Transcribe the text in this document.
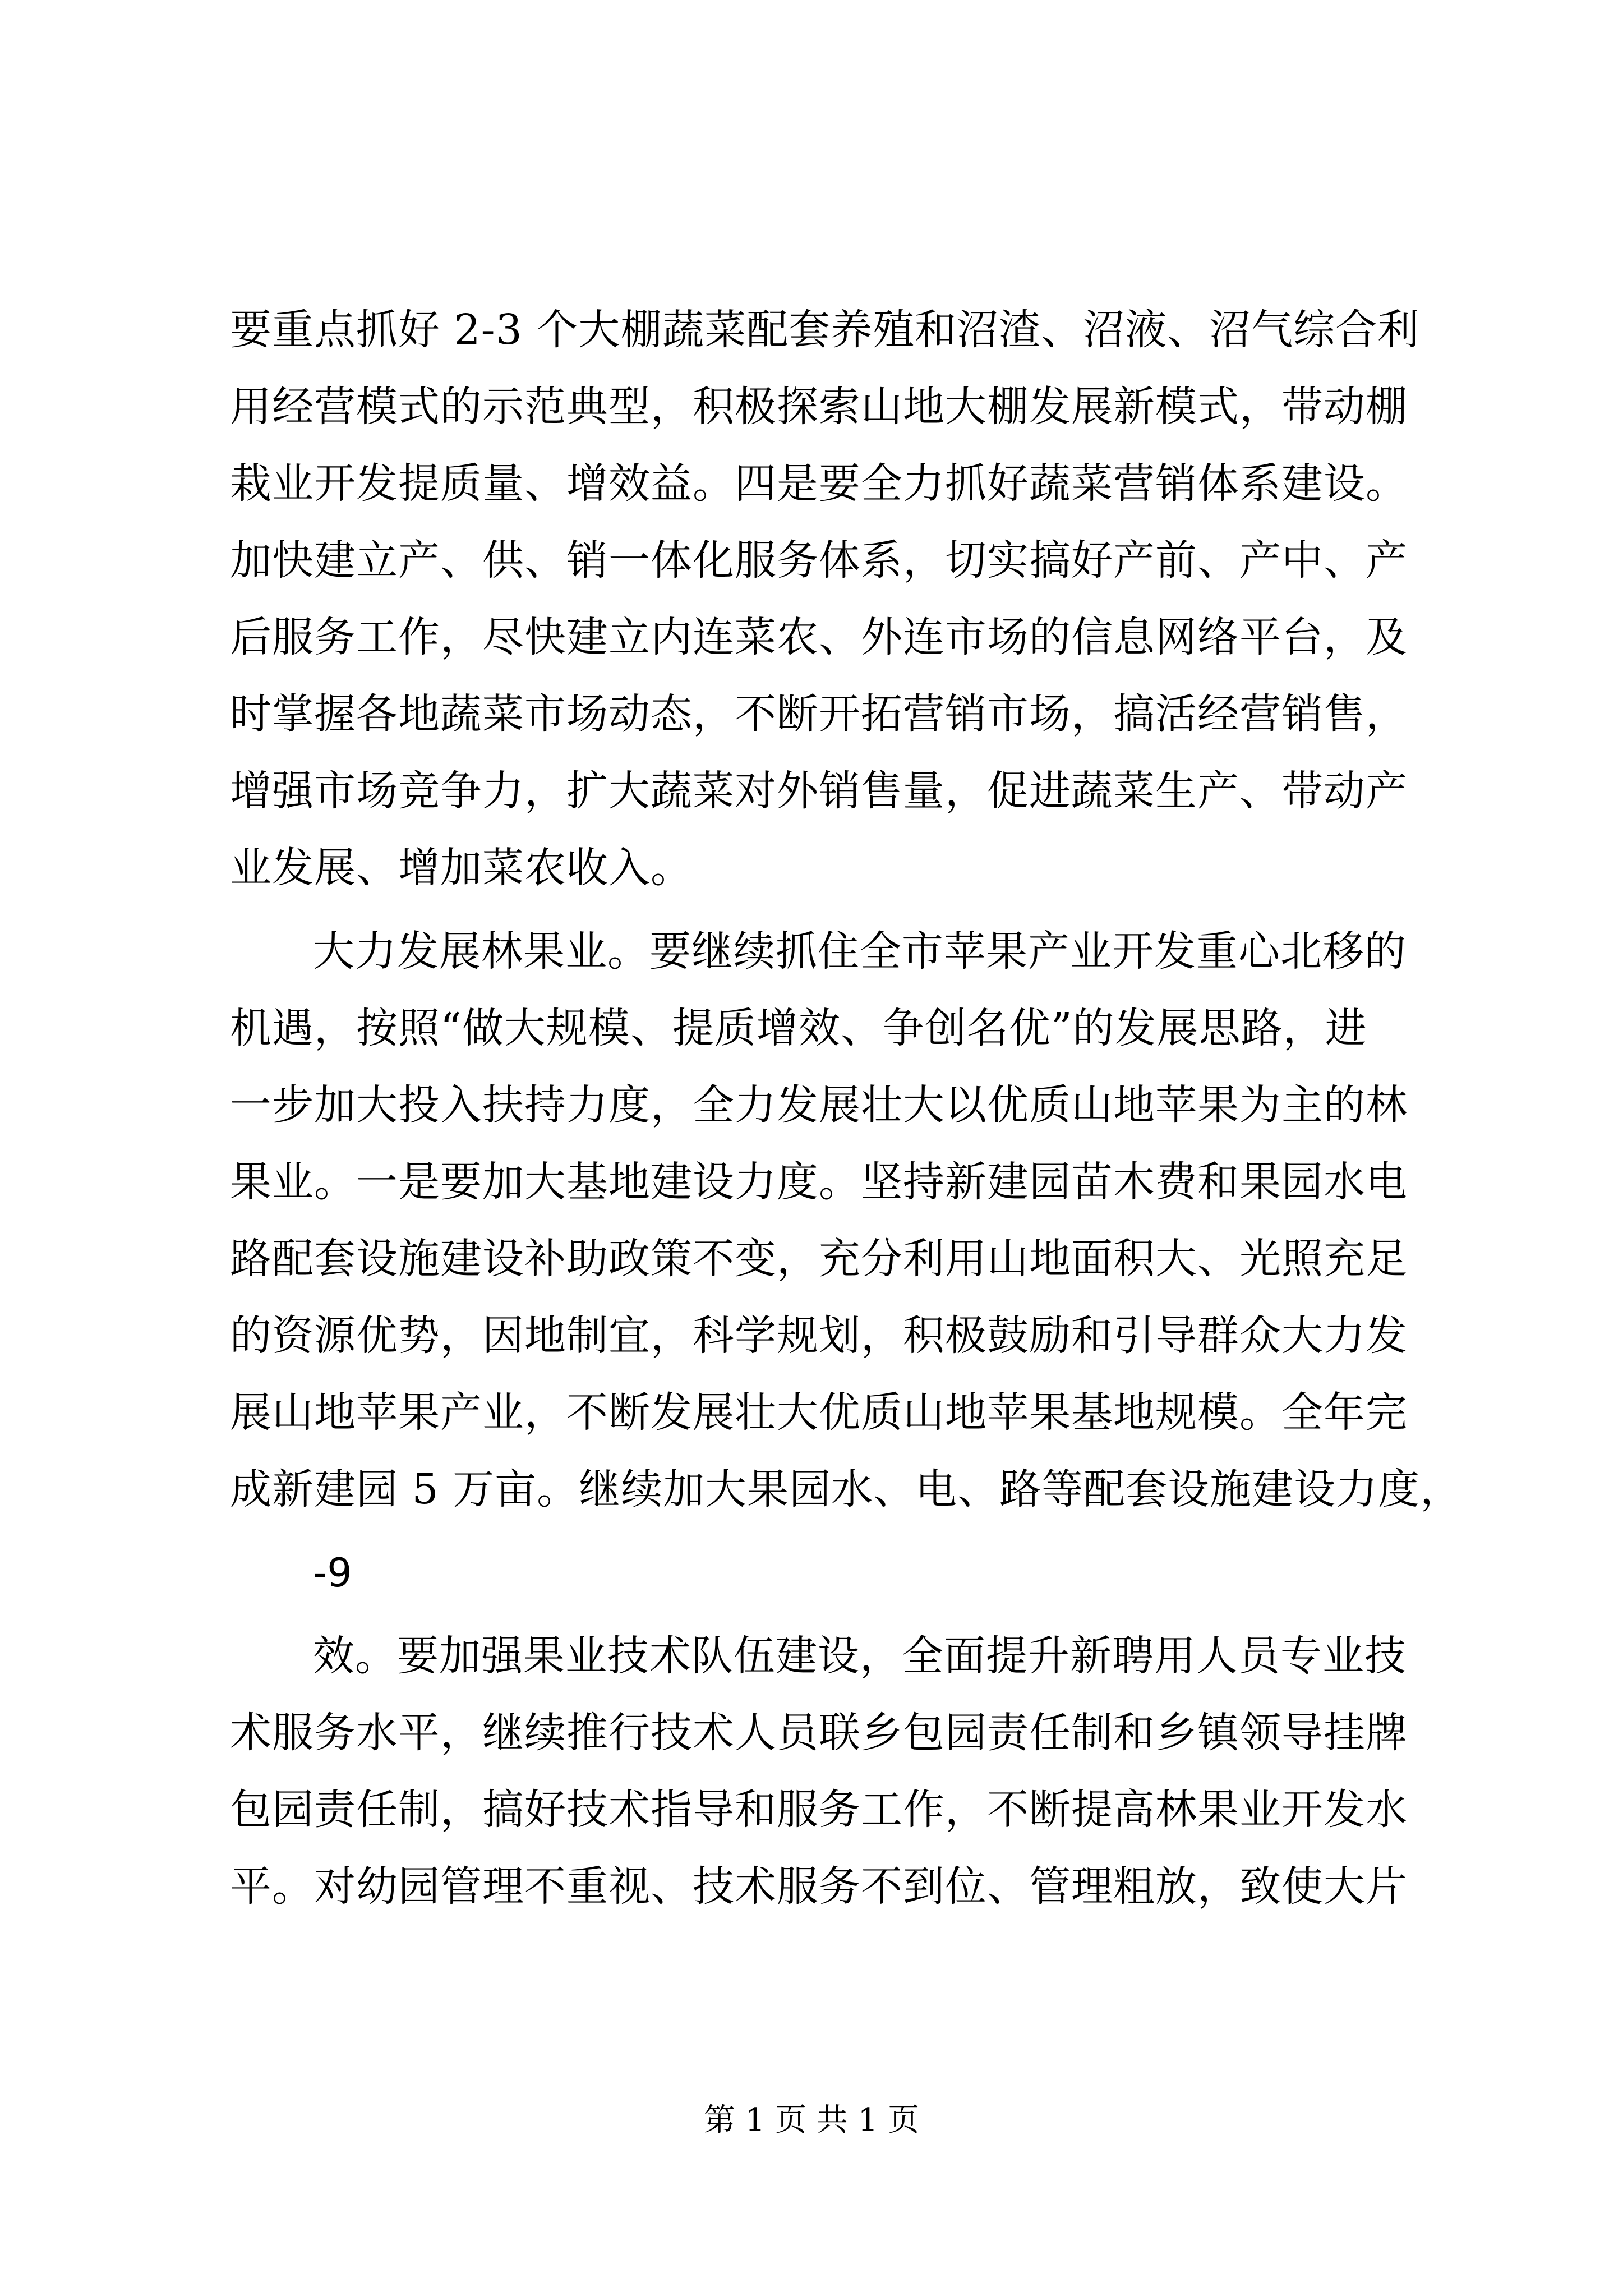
要重点抓好 2-3 个大棚蔬菜配套养殖和沼渣、沼液、沼气综合利
用经营模式的示范典型，积极探索山地大棚发展新模式，带动棚
栽业开发提质量、增效益。四是要全力抓好蔬菜营销体系建设。
加快建立产、供、销一体化服务体系，切实搞好产前、产中、产
后服务工作，尽快建立内连菜农、外连市场的信息网络平台，及
时掌握各地蔬菜市场动态，不断开拓营销市场，搞活经营销售，
增强市场竞争力，扩大蔬菜对外销售量，促进蔬菜生产、带动产
业发展、增加菜农收入。
大力发展林果业。要继续抓住全市苹果产业开发重心北移的
机遇，按照“做大规模、提质增效、争创名优”的发展思路，进
一步加大投入扶持力度，全力发展壮大以优质山地苹果为主的林
果业。一是要加大基地建设力度。坚持新建园苗木费和果园水电
路配套设施建设补助政策不变，充分利用山地面积大、光照充足
的资源优势，因地制宜，科学规划，积极鼓励和引导群众大力发
展山地苹果产业，不断发展壮大优质山地苹果基地规模。全年完
成新建园 5 万亩。继续加大果园水、电、路等配套设施建设力度，
-9
效。要加强果业技术队伍建设，全面提升新聘用人员专业技
术服务水平，继续推行技术人员联乡包园责任制和乡镇领导挂牌
包园责任制，搞好技术指导和服务工作，不断提高林果业开发水
平。对幼园管理不重视、技术服务不到位、管理粗放，致使大片
第 1 页 共 1 页
